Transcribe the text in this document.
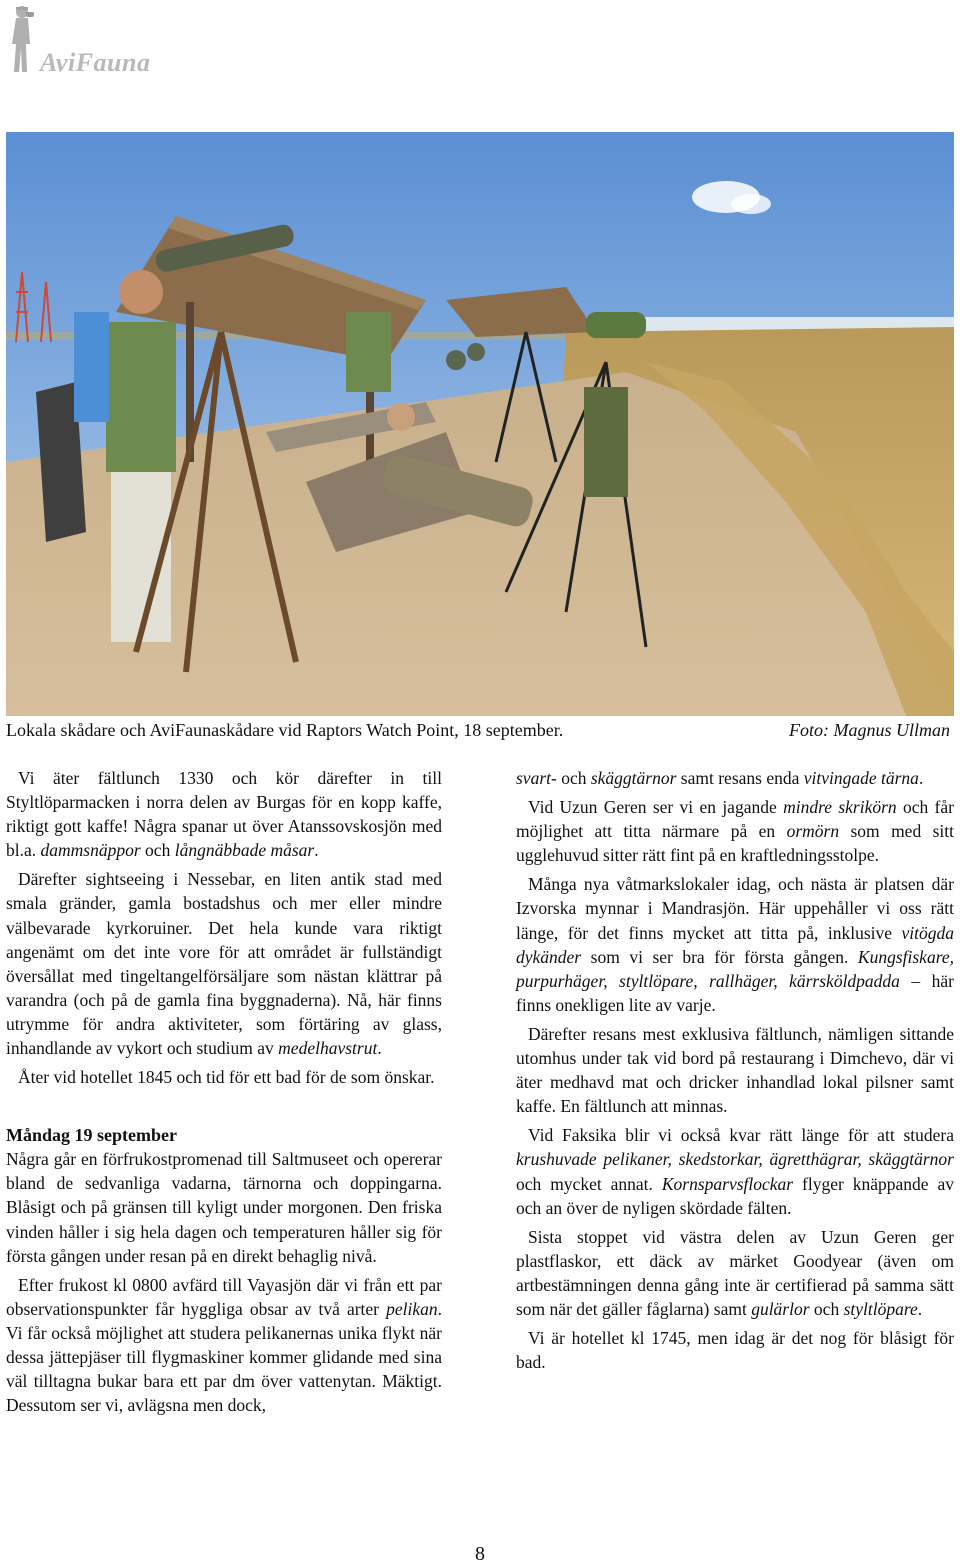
AviFauna
Lokala skådare och AviFaunaskådare vid Raptors Watch Point, 18 september.	Foto: Magnus Ullman

Vi äter fältlunch 1330 och kör därefter in till Styltlöparmacken i norra delen av Burgas för en kopp kaffe, riktigt gott kaffe! Några spanar ut över Atanssovskosjön med bl.a. dammsnäppor och långnäbbade måsar.

Därefter sightseeing i Nessebar, en liten antik stad med smala gränder, gamla bostadshus och mer eller mindre välbevarade kyrkoruiner. Det hela kunde vara riktigt angenämt om det inte vore för att området är fullständigt översållat med tingeltangelförsäljare som nästan klättrar på varandra (och på de gamla fina byggnaderna). Nå, här finns utrymme för andra aktiviteter, som förtäring av glass, inhandlande av vykort och studium av medelhavstrut.

Åter vid hotellet 1845 och tid för ett bad för de som önskar.

Måndag 19 september

Några går en förfrukostpromenad till Saltmuseet och opererar bland de sedvanliga vadarna, tärnorna och doppingarna. Blåsigt och på gränsen till kyligt under morgonen. Den friska vinden håller i sig hela dagen och temperaturen håller sig för första gången under resan på en direkt behaglig nivå.

Efter frukost kl 0800 avfärd till Vayasjön där vi från ett par observationspunkter får hyggliga obsar av två arter pelikan. Vi får också möjlighet att studera pelikanernas unika flykt när dessa jättepjäser till flygmaskiner kommer glidande med sina väl tilltagna bukar bara ett par dm över vattenytan. Mäktigt. Dessutom ser vi, avlägsna men dock,

svart- och skäggtärnor samt resans enda vitvingade tärna.

Vid Uzun Geren ser vi en jagande mindre skrikörn och får möjlighet att titta närmare på en ormörn som med sitt ugglehuvud sitter rätt fint på en kraftledningsstolpe.

Många nya våtmarkslokaler idag, och nästa är platsen där Izvorska mynnar i Mandrasjön. Här uppehåller vi oss rätt länge, för det finns mycket att titta på, inklusive vitögda dykänder som vi ser bra för första gången. Kungsfiskare, purpurhäger, styltlöpare, rallhäger, kärrsköldpadda – här finns onekligen lite av varje.

Därefter resans mest exklusiva fältlunch, nämligen sittande utomhus under tak vid bord på restaurang i Dimchevo, där vi äter medhavd mat och dricker inhandlad lokal pilsner samt kaffe. En fältlunch att minnas.

Vid Faksika blir vi också kvar rätt länge för att studera krushuvade pelikaner, skedstorkar, ägretthägrar, skäggtärnor och mycket annat. Kornsparvsflockar flyger knäppande av och an över de nyligen skördade fälten.

Sista stoppet vid västra delen av Uzun Geren ger plastflaskor, ett däck av märket Goodyear (även om artbestämningen denna gång inte är certifierad på samma sätt som när det gäller fåglarna) samt gulärlor och styltlöpare.

Vi är hotellet kl 1745, men idag är det nog för blåsigt för bad.

8
